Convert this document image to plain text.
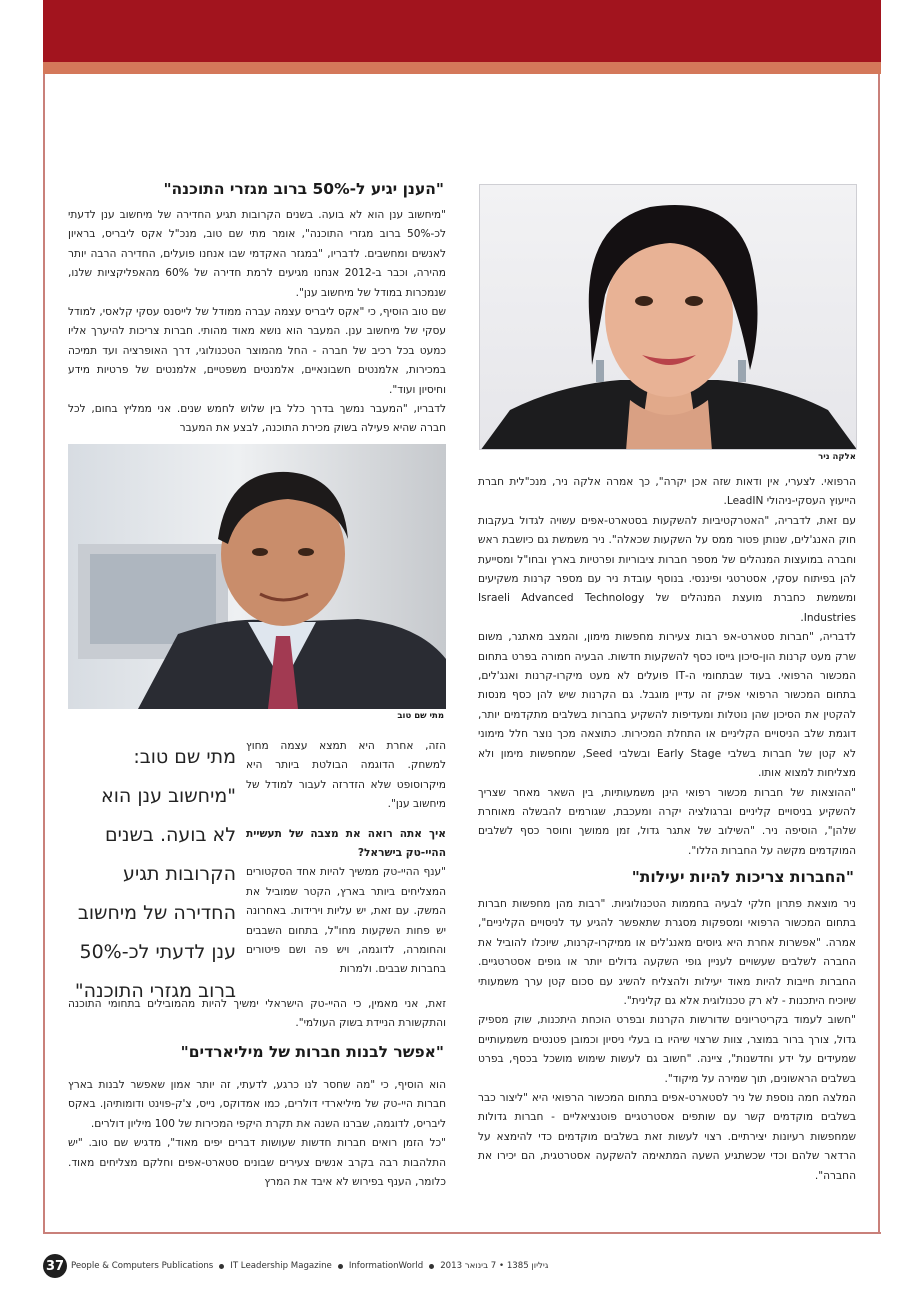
"הענן יגיע ל-50% ברוב מגזרי התוכנה"

"מיחשוב ענן הוא לא בועה. בשנים הקרובות תגיע החדירה של מיחשוב ענן לדעתי לכ-50% ברוב מגזרי התוכנה", אומר מתי שם טוב, מנכ"ל אקס ליבריס, בראיון לאנשים ומחשבים. לדבריו, "במגזר האקדמי שבו אנחנו פועלים, החדירה הרבה יותר מהירה, וכבר ב-2012 אנחנו מגיעים לרמת חדירה של 60% מהאפליקציות שלנו, שנמכרות במודל של מיחשוב ענן".

שם טוב הוסיף, כי "אקס ליבריס עצמה עברה ממודל של לייסנס עסקי קלאסי, למודל עסקי של מיחשוב ענן. המעבר הוא נושא מאוד מהותי. חברות צריכות להיערך אליו כמעט בכל רכיב של חברה - החל מהמוצר הטכנולוגי, דרך האופרציה ועד תמיכה במכירות, אלמנטים חשבונאיים, אלמנטים משפטיים, אלמנטים של פרטיות מידע וחיסיון ועוד".

לדבריו, "המעבר נמשך בדרך כלל בין שלוש לחמש שנים. אני ממליץ בחום, לכל חברה שהיא פעילה בשוק מכירת התוכנה, לבצע את המעבר

אלקה ניר
מתי שם טוב

הרפואי. לצערי, אין ודאות שזה אכן יקרה", כך אמרה אלקה ניר, מנכ"לית חברת הייעוץ העסקי-ניהולי LeadIN.

עם זאת, לדבריה, "האטרקטיביות להשקעות בסטארט-אפים עשויה לגדול בעקבות חוק האנג'לים, שנותן פטור ממס על השקעות שכאלה". ניר משמשת גם כיושבת ראש וחברה במועצות המנהלים של מספר חברות ציבוריות ופרטיות בארץ ובחו"ל ומסייעת להן בפיתוח עסקי, אסטרטגי ופיננסי. בנוסף עובדת ניר עם מספר קרנות משקיעים ומשמשת כחברת מועצת המנהלים של Israeli Advanced Technology Industries.

לדבריה, "חברות סטארט-אפ רבות צעירות מחפשות מימון, והמצב מאתגר, משום שרק מעט קרנות הון-סיכון גייסו כסף להשקעות חדשות. הבעיה חמורה בפרט בתחום המכשור הרפואי. בעוד שבתחומי ה-IT פועלים לא מעט מיקרו-קרנות ואנג'לים, בתחום המכשור הרפואי אפיק זה עדיין מוגבל. גם הקרנות שיש להן כסף מנסות להקטין את הסיכון שהן נוטלות ומעדיפות להשקיע בחברות בשלבים מתקדמים יותר, דוגמת שלב הניסויים הקליניים או התחלת המכירות. כתוצאה מכך נוצר חלל מימוני לא קטן של חברות בשלבי Early Stage ובשלבי Seed, שמחפשות מימון ולא מצליחות למצוא אותו.

"ההוצאות של חברות מכשור רפואי הינן משמעותיות, בין השאר מאחר שצריך להשקיע בניסויים קליניים וברגולציה יקרה ומעכבת, שגורמים להבשלה מאוחרת שלהן", הוסיפה ניר. "השילוב של אתגר גדול, זמן ממושך וחוסר כסף לשלבים המוקדמים מקשה על החברות הללו".

"החברות צריכות להיות יעילות"

ניר מוצאת פתרון חלקי לבעיה בחממות הטכנולוגיות. "רבות מהן מחפשות חברות בתחום המכשור הרפואי ומספקות מסגרת שתאפשר להגיע עד לניסויים הקליניים", אמרה. "אפשרות אחרת היא גיוסים מאנג'לים או ממיקרו-קרנות, שיוכלו להוביל את החברה לשלבים שעשויים לעניין גופי השקעה גדולים יותר או גופים אסטרטגיים. החברות חייבות להיות מאוד יעילות ולהצליח להשיג עם סכום קטן ערך משמעותי שיוכיח היתכנות - לא רק טכנולוגית אלא גם קלינית".

"חשוב לעמוד בקריטריונים שדורשות הקרנות ובפרט הוכחת היתכנות, שוק מספיק גדול, צורך ברור במוצר, צוות שרצוי שיהיו בו בעלי ניסיון וכמובן פטנטים משמעותיים שמעידים על ידע וחדשנות", ציינה. "חשוב גם לעשות שימוש מושכל בכסף, בפרט בשלבים הראשונים, תוך שמירה על מיקוד".

המלצה חמה נוספת של ניר לסטארט-אפים בתחום המכשור הרפואי היא "ליצור כבר בשלבים מוקדמים קשר עם שותפים אסטרטגיים פוטנציאליים - חברות גדולות שמחפשות רעיונות יצירתיים. רצוי לעשות זאת בשלבים מוקדמים כדי להימצא על הרדאר שלהם וכדי שכשתגיע השעה המתאימה להשקעה אסטרטגית, הם יכירו את החברה".

מתי שם טוב:
"מיחשוב ענן הוא
לא בועה. בשנים
הקרובות תגיע
החדירה של מיחשוב
ענן לדעתי לכ-50%
ברוב מגזרי התוכנה"

הזה, אחרת היא תמצא עצמה מחוץ למשחק. הדוגמה הבולטת ביותר היא מיקרוסופט שלא הזדרזה לעבור למודל של מיחשוב ענן".

איך אתה רואה את מצבה של תעשיית ההיי-טק בישראל?

"ענף ההיי-טק ממשיך להיות אחד הסקטורים המצליחים ביותר בארץ, הקטר שמוביל את המשק. עם זאת, יש עליות וירידות. באחרונה יש פחות השקעות מחו"ל, בתחום השבבים והחומרה, לדוגמה, ויש פה ושם פיטורים בחברות שבבים. ולמרות

זאת, אני מאמין, כי ההיי-טק הישראלי ימשיך להיות מהמובילים בתחומי התוכנה והתקשורת הניידת בשוק העולמי".
"אפשר לבנות חברות של מיליארדים"

הוא הוסיף, כי "מה שחסר לנו כרגע, לדעתי, זה יותר אמון שאפשר לבנות בארץ חברות היי-טק של מיליארדי דולרים, כמו אמדוקס, נייס, צ'ק-פוינט ודומותיהן. באקס ליבריס, לדוגמה, שברנו השנה את תקרת היקפי המכירות של 100 מיליון דולרים.

"כל הזמן רואים חברות חדשות שעושות דברים יפים מאוד", מדגיש שם טוב. "יש התלהבות רבה בקרב אנשים צעירים שבונים סטארט-אפים וחלקם מצליחים מאוד. כלומר, הענף בפירוש לא איבד את המרץ

37 People & Computers Publications IT Leadership Magazine InformationWorld גיליון 1385 • 7 בינואר 2013
